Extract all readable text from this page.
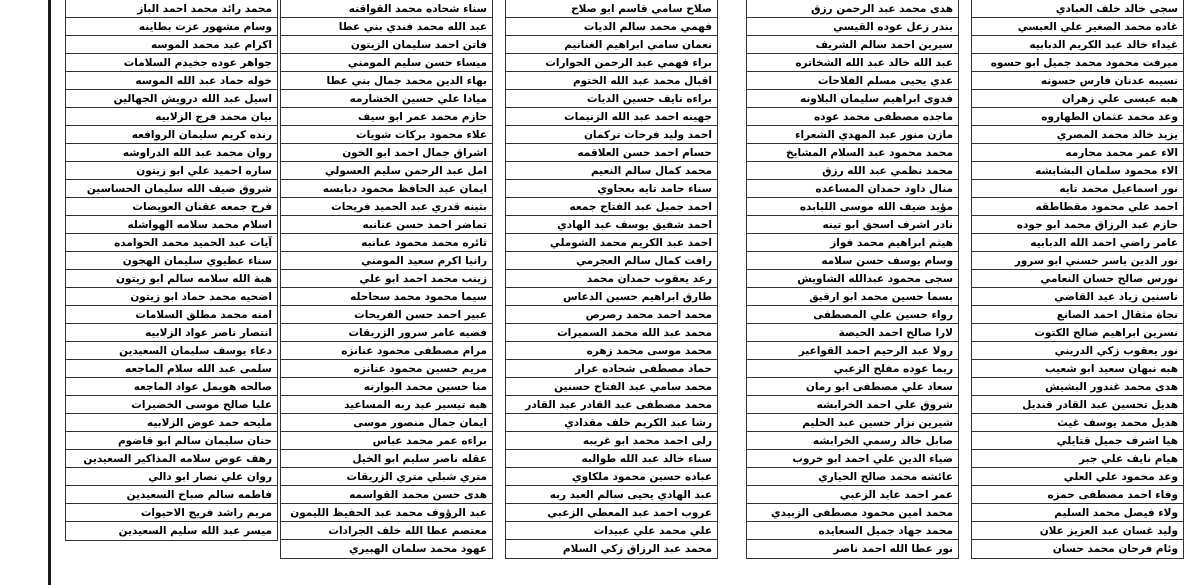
سجى خالد خلف العبادي
غاده محمد الصغير علي العبسي
غيداء خالد عبد الكريم الدبابيه
ميرفت محمود محمد جميل ابو حسوه
نسيبه عدنان فارس حسونه
هبه عيسى علي زهران
وعد محمد عثمان الطهاروه
يزيد خالد محمد المصري
الاء عمر محمد محارمه
الاء محمود سلمان البشابشه
نور اسماعيل محمد تايه
احمد علي محمود مقطاطقه
حازم عبد الرزاق محمد ابو جوده
عامر راضي احمد الله الدبابيه
نور الدين ياسر حسني ابو سرور
نورس صالح حسان النعامي
ناسنين زياد عيد القاضي
نجاة مثقال احمد الصانع
نسرين ابراهيم صالح الكتوت
نور يعقوب زكي الدريني
هبه نبهان سعيد ابو شعيب
هدى محمد غندور البشيش
هديل تحسين عبد القادر قنديل
هديل محمد يوسف غيث
هيا اشرف جميل قتايلي
هيام نايف علي جبر
وعد محمود علي العلي
وفاء احمد مصطفى حمزه
ولاء فيصل محمد السليم
وليد غسان عبد العزيز علان
وئام فرحان محمد حسان
هدى محمد عبد الرحمن رزق
بندر زعل عوده القيسي
سيرين احمد سالم الشريف
عبد الله خالد عبد الله الشخاتره
عدي يحيى مسلم الفلاحات
فدوى ابراهيم سليمان البلاونه
ماجده مصطفى محمد عوده
مازن منور عبد المهدي الشعراء
محمد محمود عبد السلام المشايخ
محمد نظمي عبد الله رزق
منال داود حمدان المساعده
مؤيد ضيف الله موسى اللبابده
نادر اشرف اسحق ابو تينه
هيثم ابراهيم محمد فواز
وسام يوسف حسن سلامه
سجى محمود عبدالله الشاويش
بسما حسين محمد ابو ارقيق
رواء حسين علي المصطفى
لارا صالح احمد الحيصة
رولا عبد الرحيم احمد القواعير
ريما عوده مفلح الزعبي
سعاد علي مصطفى ابو رمان
شروق علي احمد الخرابشه
شيرين نزار حسين عبد الحليم
صابل خالد رسمي الخرابشه
ضياء الدين علي احمد ابو خروب
عائشه محمد صالح الحياري
عمر احمد عايد الزعبي
محمد امين محمود مصطفى الزبيدي
محمد جهاد جميل السعايده
نور عطا الله احمد ناصر
صلاح سامي قاسم ابو صلاح
فهمي محمد سالم الديات
نعمان سامي ابراهيم الغنانيم
براء فهمي عبد الرحمن الحوارات
اقبال محمد عبد الله الختوم
براءه نايف حسين الديات
جهينه احمد عبد الله الزنيمات
احمد وليد فرحات تركمان
حسام احمد حسن العلاقمه
محمد كمال سالم النعيم
سناء حامد تايه بعجاوي
احمد جميل عبد الفتاح جمعه
احمد شفيق يوسف عبد الهادي
احمد عبد الكريم محمد الشوملي
رافت كمال سالم العجرمي
رعد يعقوب حمدان محمد
طارق ابراهيم حسين الدعاس
محمد احمد محمد رصرص
محمد عبد الله محمد السميرات
محمد موسى محمد زهره
حماد مصطفى شحاده عرار
محمد سامي عبد الفتاح حسنين
محمد مصطفى عبد القادر عبد القادر
رشا عبد الكريم خلف مقدادي
رلى احمد محمد ابو غريبه
سناء خالد عبد الله طوالبه
عباده حسين محمود ملكاوي
عبد الهادي يحيى سالم العبد ربه
عروب احمد عبد المعطي الزعبي
علي محمد علي عبيدات
محمد عبد الرزاق زكي السلام
سناء شحاده محمد القواقنه
عبد الله محمد فندي بني عطا
فاتن احمد سليمان الزيتون
ميساء حسن سليم المومني
بهاء الدين محمد جمال بني عطا
ميادا علي حسين الخشارمه
حازم محمد عمر ابو سيف
علاء محمود بركات شويات
اشراق جمال احمد ابو الخون
امل عبد الرحمن سليم العسولي
ايمان عبد الحافظ محمود دبابسه
بثينه قدري عبد الحميد فريحات
تماضر احمد حسن عنانبه
ثائره محمد محمود عنانبه
رانيا اكرم سعيد المومني
زينب محمد احمد ابو علي
سيما محمود محمد سحاحله
عبير احمد حسن الفريحات
فضيه عامر سرور الزريقات
مرام مصطفى محمود عنانزه
مريم حسين محمود عنانزه
منا حسين محمد البوارنه
هبه تيسير عبد ربه المساعيد
ايمان جمال منصور موسى
براءه عمر محمد عباس
عقله ناصر سليم ابو الخيل
متري شبلي متري الزريقات
هدى حسن محمد القواسمه
عبد الرؤوف محمد عبد الحفيظ الليمون
معتصم عطا الله خلف الجرادات
عهود محمد سلمان الهبيري
محمد رائد محمد احمد الباز
وسام مشهور عزت بطاينه
اكرام عبد محمد الموسه
جواهر عوده جخيدم السلامات
خوله حماد عبد الله الموسه
اسيل عبد الله درويش الجهالين
بيان محمد فرج الزلابيه
رنده كريم سليمان الروافعه
روان محمد عبد الله الدراوشه
ساره احميد علي ابو زيتون
شروق ضيف الله سليمان الحساسين
فرح جمعه عقنان العويضات
اسلام محمد سلامه الهواشله
آيات عبد الحميد محمد الحوامده
سناء عطيوي سليمان الهجون
هبة الله سلامه سالم ابو زيتون
اضحيه محمد حماد ابو زيتون
امنه محمد مطلق السلامات
انتصار ناصر عواد الزلابيه
دعاء يوسف سليمان السعيدين
سلمى عبد الله سلام الماجعه
صالحه هويمل عواد الماجعه
عليا صالح موسى الخضيرات
مليحه حمد عوض الزلابيه
حنان سليمان سالم ابو قاضوم
رهف عوض سلامه المذاكير السعيدين
روان علي نصار ابو دالي
فاطمه سالم صباح السعيدين
مريم راشد فريج الاحيوات
ميسر عبد الله سليم السعيدين
